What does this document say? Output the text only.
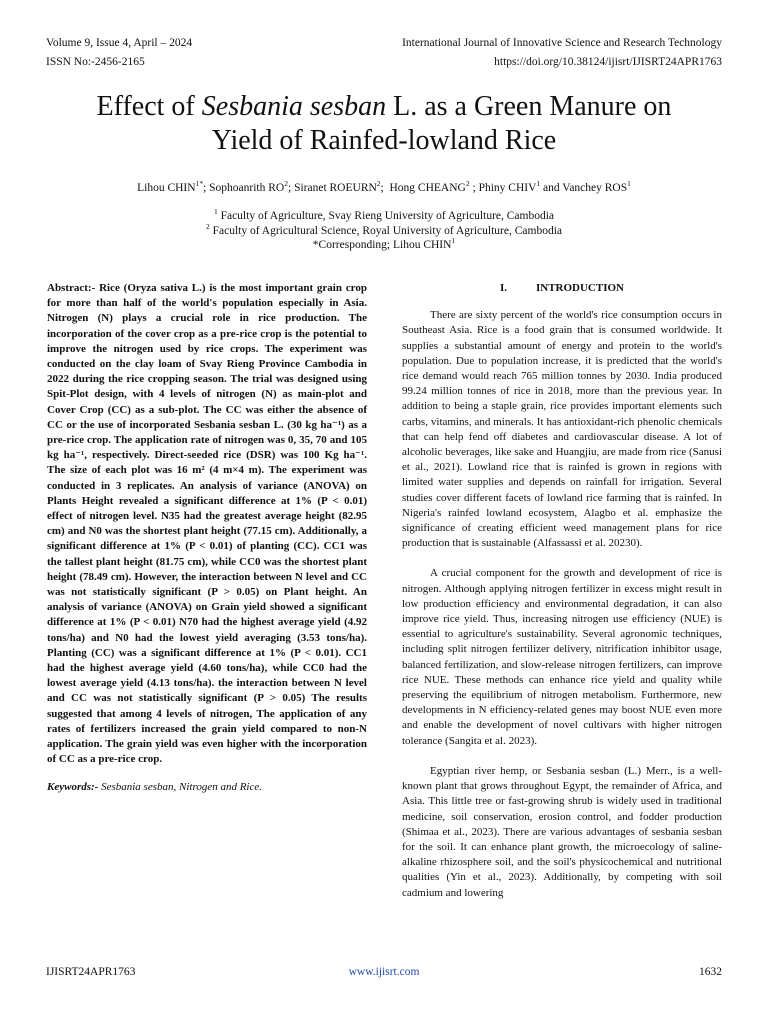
Volume 9, Issue 4, April – 2024
ISSN No:-2456-2165
International Journal of Innovative Science and Research Technology
https://doi.org/10.38124/ijisrt/IJISRT24APR1763
Effect of Sesbania sesban L. as a Green Manure on
Yield of Rainfed-lowland Rice
Lihou $CHIN^{1*}$; Sophoanrith $RO^2$; Siranet ROEURN$^2$;  Hong CHEANG$^2$ ; Phiny CHIV$^1$ and Vanchey ROS$^1$
$^1$ Faculty of Agriculture, Svay Rieng University of Agriculture, Cambodia
$^2$ Faculty of Agricultural Science, Royal University of Agriculture, Cambodia
*Corresponding; Lihou CHIN$^1$

Abstract:- Rice (Oryza sativa L.) is the most important grain crop for more than half of the world's population especially in Asia. Nitrogen (N) plays a crucial role in rice production. The incorporation of the cover crop as a pre-rice crop is the potential to improve the nitrogen used by rice crops. The experiment was conducted on the clay loam of Svay Rieng Province Cambodia in 2022 during the rice cropping season. The trial was designed using Spit-Plot design, with 4 levels of nitrogen (N) as main-plot and Cover Crop (CC) as a sub-plot. The CC was either the absence of CC or the use of incorporated Sesbania sesban L. (30 kg ha⁻¹) as a pre-rice crop. The application rate of nitrogen was 0, 35, 70 and 105 kg ha⁻¹, respectively. Direct-seeded rice (DSR) was 100 Kg ha⁻¹. The size of each plot was 16 m² (4 m×4 m). The experiment was conducted in 3 replicates. An analysis of variance (ANOVA) on Plants Height revealed a significant difference at 1% (P < 0.01) effect of nitrogen level. N35 had the greatest average height (82.95 cm) and N0 was the shortest plant height (77.15 cm). Additionally, a significant difference at 1% (P < 0.01) of planting (CC). CC1 was the tallest plant height (81.75 cm), while CC0 was the shortest plant height (78.49 cm). However, the interaction between N level and CC was not statistically significant (P > 0.05) on Plant height. An analysis of variance (ANOVA) on Grain yield showed a significant difference at 1% (P < 0.01) N70 had the highest average yield (4.92 tons/ha) and N0 had the lowest yield averaging (3.53 tons/ha). Planting (CC) was a significant difference at 1% (P < 0.01). CC1 had the highest average yield (4.60 tons/ha), while CC0 had the lowest average yield (4.13 tons/ha). the interaction between N level and CC was not statistically significant (P > 0.05) The results suggested that among 4 levels of nitrogen, The application of any rates of fertilizers increased the grain yield compared to non-N application. The grain yield was even higher with the incorporation of CC as a pre-rice crop.

Keywords:- Sesbania sesban, Nitrogen and Rice.

I.	INTRODUCTION

There are sixty percent of the world's rice consumption occurs in Southeast Asia. Rice is a food grain that is consumed worldwide. It supplies a substantial amount of energy and protein to the world's population. Due to population increase, it is predicted that the world's rice demand would reach 765 million tonnes by 2030. India produced 99.24 million tonnes of rice in 2018, more than the previous year. In addition to being a staple grain, rice provides important elements such carbs, vitamins, and minerals. It has antioxidant-rich phenolic chemicals that can help fend off diabetes and cardiovascular disease. A lot of alcoholic beverages, like sake and Huangjiu, are made from rice (Sanusi et al., 2021). Lowland rice that is rainfed is grown in regions with limited water supplies and depends on rainfall for irrigation. Several studies cover different facets of lowland rice farming that is rainfed. In Nigeria's rainfed lowland ecosystem, Alagbo et al. emphasize the significance of creating efficient weed management plans for rice production that is sustainable (Alfassassi et al. 20230).

A crucial component for the growth and development of rice is nitrogen. Although applying nitrogen fertilizer in excess might result in low production efficiency and environmental degradation, it can also improve rice yield. Thus, increasing nitrogen use efficiency (NUE) is essential to agriculture's sustainability. Several agronomic techniques, including split nitrogen fertilizer delivery, nitrification inhibitor usage, balanced fertilization, and slow-release nitrogen fertilizers, can improve rice NUE. These methods can enhance rice yield and quality while preserving the equilibrium of nitrogen metabolism. Furthermore, new developments in N efficiency-related genes may boost NUE even more and enable the development of novel cultivars with higher nitrogen tolerance (Sangita et al. 2023).

Egyptian river hemp, or Sesbania sesban (L.) Merr., is a well-known plant that grows throughout Egypt, the remainder of Africa, and Asia. This little tree or fast-growing shrub is widely used in traditional medicine, soil conservation, erosion control, and fodder production (Shimaa et al., 2023). There are various advantages of sesbania sesban for the soil. It can enhance plant growth, the microecology of saline-alkaline rhizosphere soil, and the soil's physicochemical and nutritional qualities (Yin et al., 2023). Additionally, by competing with soil cadmium and lowering

IJISRT24APR1763	www.ijisrt.com	1632
